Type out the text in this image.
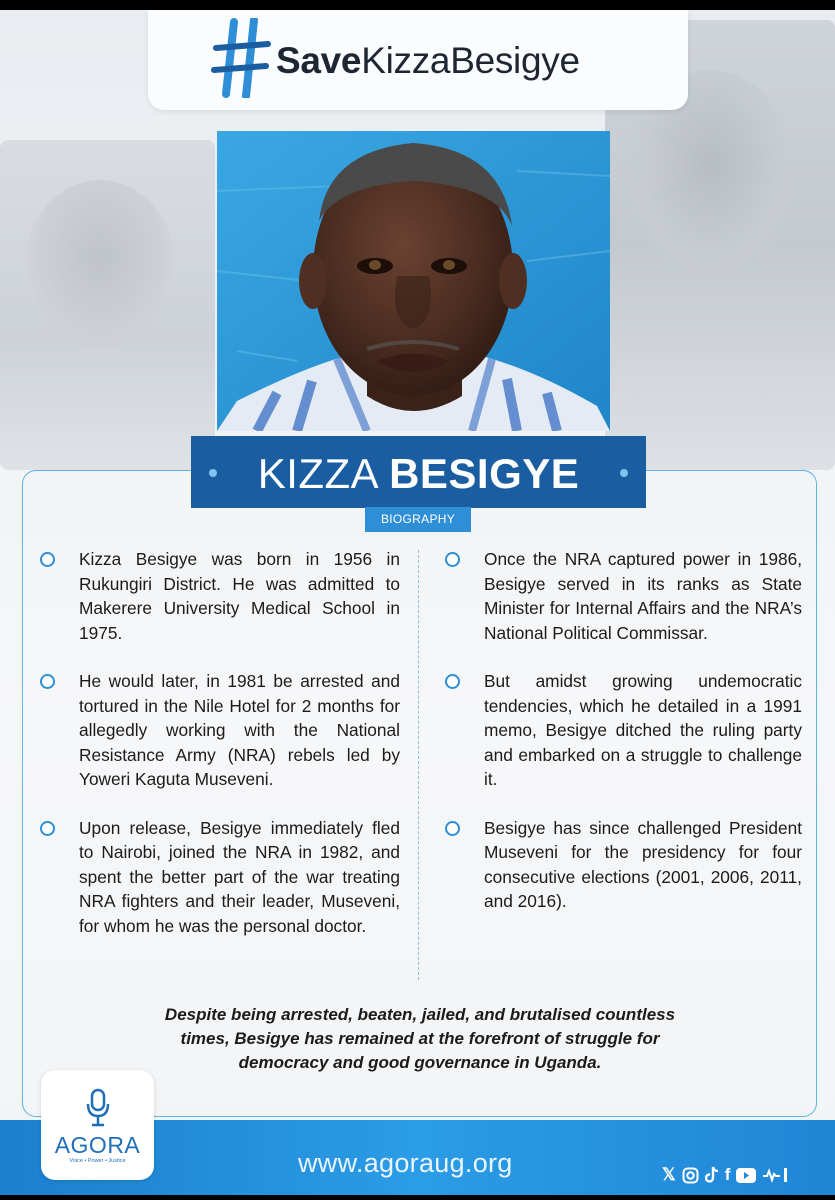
SaveKizzaBesigye
KIZZA BESIGYE
BIOGRAPHY

Kizza Besigye was born in 1956 in Rukungiri District. He was admitted to Makerere University Medical School in 1975.

He would later, in 1981 be arrested and tortured in the Nile Hotel for 2 months for allegedly working with the National Resistance Army (NRA) rebels led by Yoweri Kaguta Museveni.

Upon release, Besigye immediately fled to Nairobi, joined the NRA in 1982, and spent the better part of the war treating NRA fighters and their leader, Museveni, for whom he was the personal doctor.

Once the NRA captured power in 1986, Besigye served in its ranks as State Minister for Internal Affairs and the NRA’s National Political Commissar.

But amidst growing undemocratic tendencies, which he detailed in a 1991 memo, Besigye ditched the ruling party and embarked on a struggle to challenge it.

Besigye has since challenged President Museveni for the presidency for four consecutive elections (2001, 2006, 2011, and 2016).

Despite being arrested, beaten, jailed, and brutalised countless times, Besigye has remained at the forefront of struggle for democracy and good governance in Uganda.
www.agoraug.org	𝕏	f
AGORA
Voice • Power • Justice
